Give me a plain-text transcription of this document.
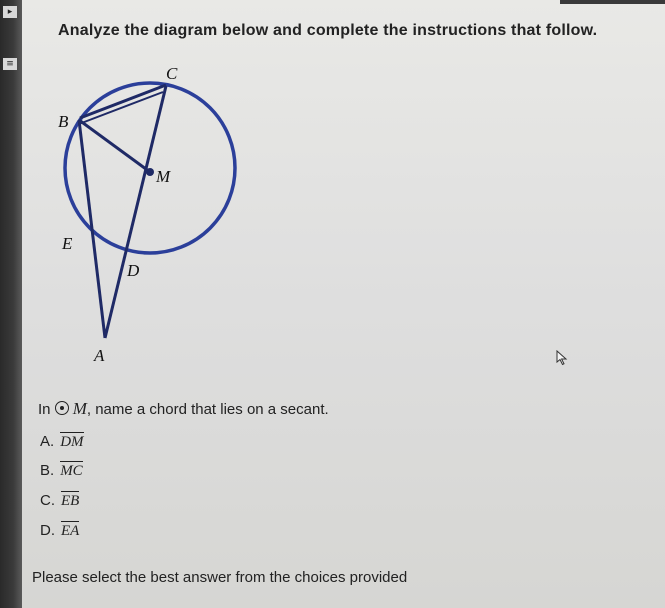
▸
≡
Analyze the diagram below and complete the instructions that follow.
C
B
M
E
D
A
In M, name a chord that lies on a secant.
A. DM
B. MC
C. EB
D. EA
Please select the best answer from the choices provided
